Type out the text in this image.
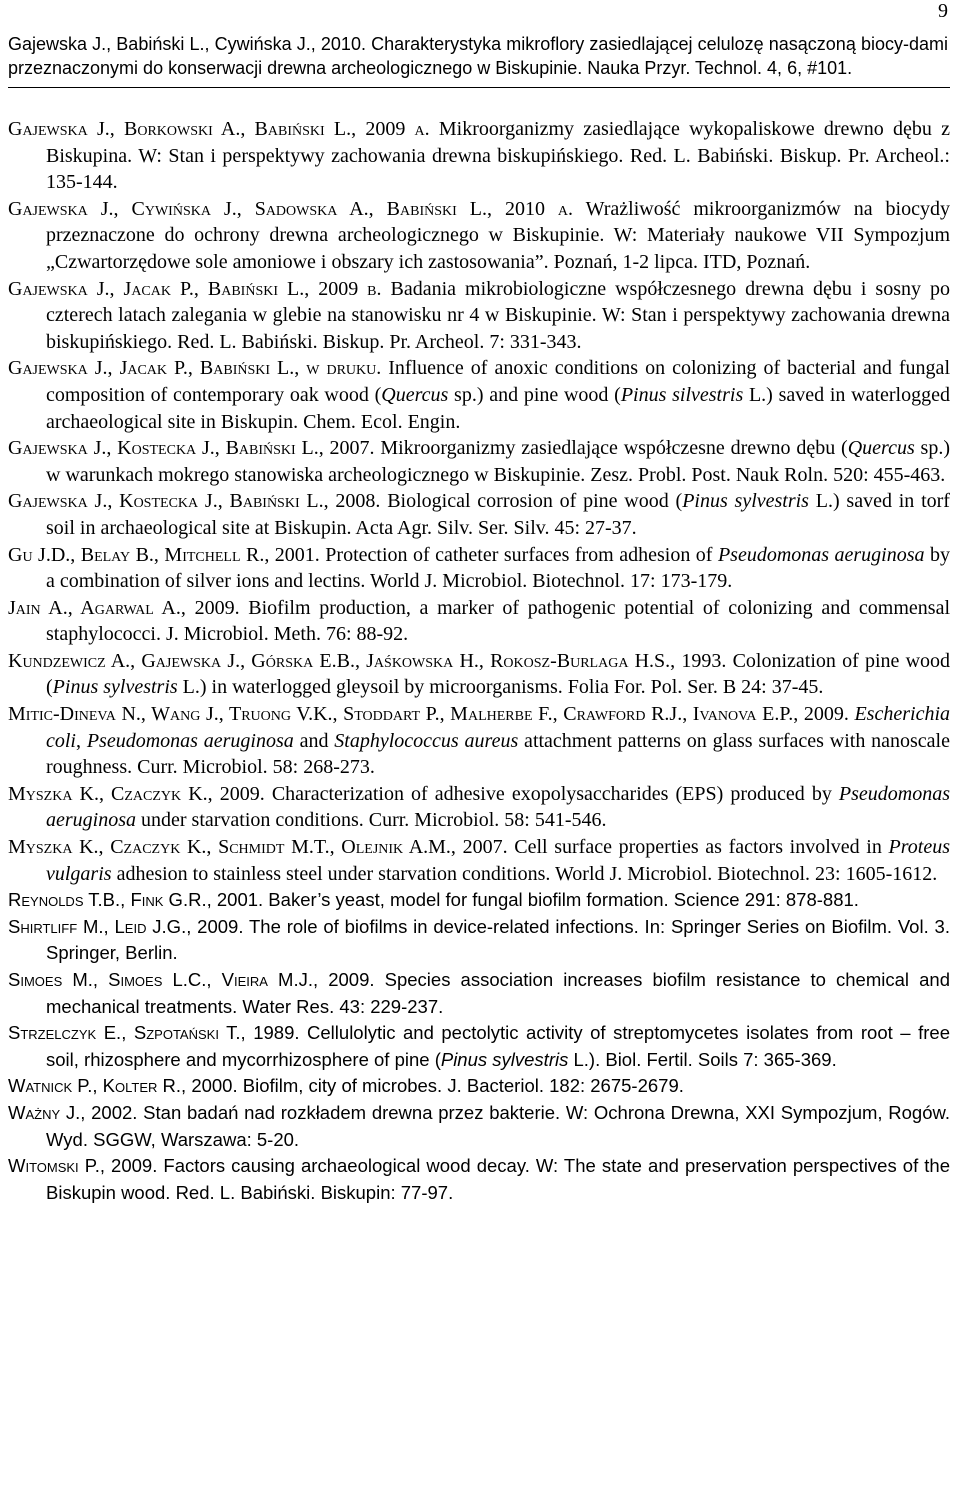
9
Gajewska J., Babiński L., Cywińska J., 2010. Charakterystyka mikroflory zasiedlającej celulozę nasączoną biocy-dami przeznaczonymi do konserwacji drewna archeologicznego w Biskupinie. Nauka Przyr. Technol. 4, 6, #101.

Gajewska J., Borkowski A., Babiński L., 2009 a. Mikroorganizmy zasiedlające wykopaliskowe drewno dębu z Biskupina. W: Stan i perspektywy zachowania drewna biskupińskiego. Red. L. Babiński. Biskup. Pr. Archeol.: 135-144.

Gajewska J., Cywińska J., Sadowska A., Babiński L., 2010 a. Wrażliwość mikroorganizmów na biocydy przeznaczone do ochrony drewna archeologicznego w Biskupinie. W: Materiały naukowe VII Sympozjum „Czwartorzędowe sole amoniowe i obszary ich zastosowania”. Poznań, 1-2 lipca. ITD, Poznań.

Gajewska J., Jacak P., Babiński L., 2009 b. Badania mikrobiologiczne współczesnego drewna dębu i sosny po czterech latach zalegania w glebie na stanowisku nr 4 w Biskupinie. W: Stan i perspektywy zachowania drewna biskupińskiego. Red. L. Babiński. Biskup. Pr. Archeol. 7: 331-343.

Gajewska J., Jacak P., Babiński L., w druku. Influence of anoxic conditions on colonizing of bacterial and fungal composition of contemporary oak wood (Quercus sp.) and pine wood (Pinus silvestris L.) saved in waterlogged archaeological site in Biskupin. Chem. Ecol. Engin.

Gajewska J., Kostecka J., Babiński L., 2007. Mikroorganizmy zasiedlające współczesne drewno dębu (Quercus sp.) w warunkach mokrego stanowiska archeologicznego w Biskupinie. Zesz. Probl. Post. Nauk Roln. 520: 455-463.

Gajewska J., Kostecka J., Babiński L., 2008. Biological corrosion of pine wood (Pinus sylvestris L.) saved in torf soil in archaeological site at Biskupin. Acta Agr. Silv. Ser. Silv. 45: 27-37.

Gu J.D., Belay B., Mitchell R., 2001. Protection of catheter surfaces from adhesion of Pseudomonas aeruginosa by a combination of silver ions and lectins. World J. Microbiol. Biotechnol. 17: 173-179.

Jain A., Agarwal A., 2009. Biofilm production, a marker of pathogenic potential of colonizing and commensal staphylococci. J. Microbiol. Meth. 76: 88-92.

Kundzewicz A., Gajewska J., Górska E.B., Jaśkowska H., Rokosz-Burlaga H.S., 1993. Colonization of pine wood (Pinus sylvestris L.) in waterlogged gleysoil by microorganisms. Folia For. Pol. Ser. B 24: 37-45.

Mitic-Dineva N., Wang J., Truong V.K., Stoddart P., Malherbe F., Crawford R.J., Ivanova E.P., 2009. Escherichia coli, Pseudomonas aeruginosa and Staphylococcus aureus attachment patterns on glass surfaces with nanoscale roughness. Curr. Microbiol. 58: 268-273.

Myszka K., Czaczyk K., 2009. Characterization of adhesive exopolysaccharides (EPS) produced by Pseudomonas aeruginosa under starvation conditions. Curr. Microbiol. 58: 541-546.

Myszka K., Czaczyk K., Schmidt M.T., Olejnik A.M., 2007. Cell surface properties as factors involved in Proteus vulgaris adhesion to stainless steel under starvation conditions. World J. Microbiol. Biotechnol. 23: 1605-1612.

Reynolds T.B., Fink G.R., 2001. Baker’s yeast, model for fungal biofilm formation. Science 291: 878-881.

Shirtliff M., Leid J.G., 2009. The role of biofilms in device-related infections. In: Springer Series on Biofilm. Vol. 3. Springer, Berlin.

Simoes M., Simoes L.C., Vieira M.J., 2009. Species association increases biofilm resistance to chemical and mechanical treatments. Water Res. 43: 229-237.

Strzelczyk E., Szpotański T., 1989. Cellulolytic and pectolytic activity of streptomycetes isolates from root – free soil, rhizosphere and mycorrhizosphere of pine (Pinus sylvestris L.). Biol. Fertil. Soils 7: 365-369.

Watnick P., Kolter R., 2000. Biofilm, city of microbes. J. Bacteriol. 182: 2675-2679.

Ważny J., 2002. Stan badań nad rozkładem drewna przez bakterie. W: Ochrona Drewna, XXI Sympozjum, Rogów. Wyd. SGGW, Warszawa: 5-20.

Witomski P., 2009. Factors causing archaeological wood decay. W: The state and preservation perspectives of the Biskupin wood. Red. L. Babiński. Biskupin: 77-97.
